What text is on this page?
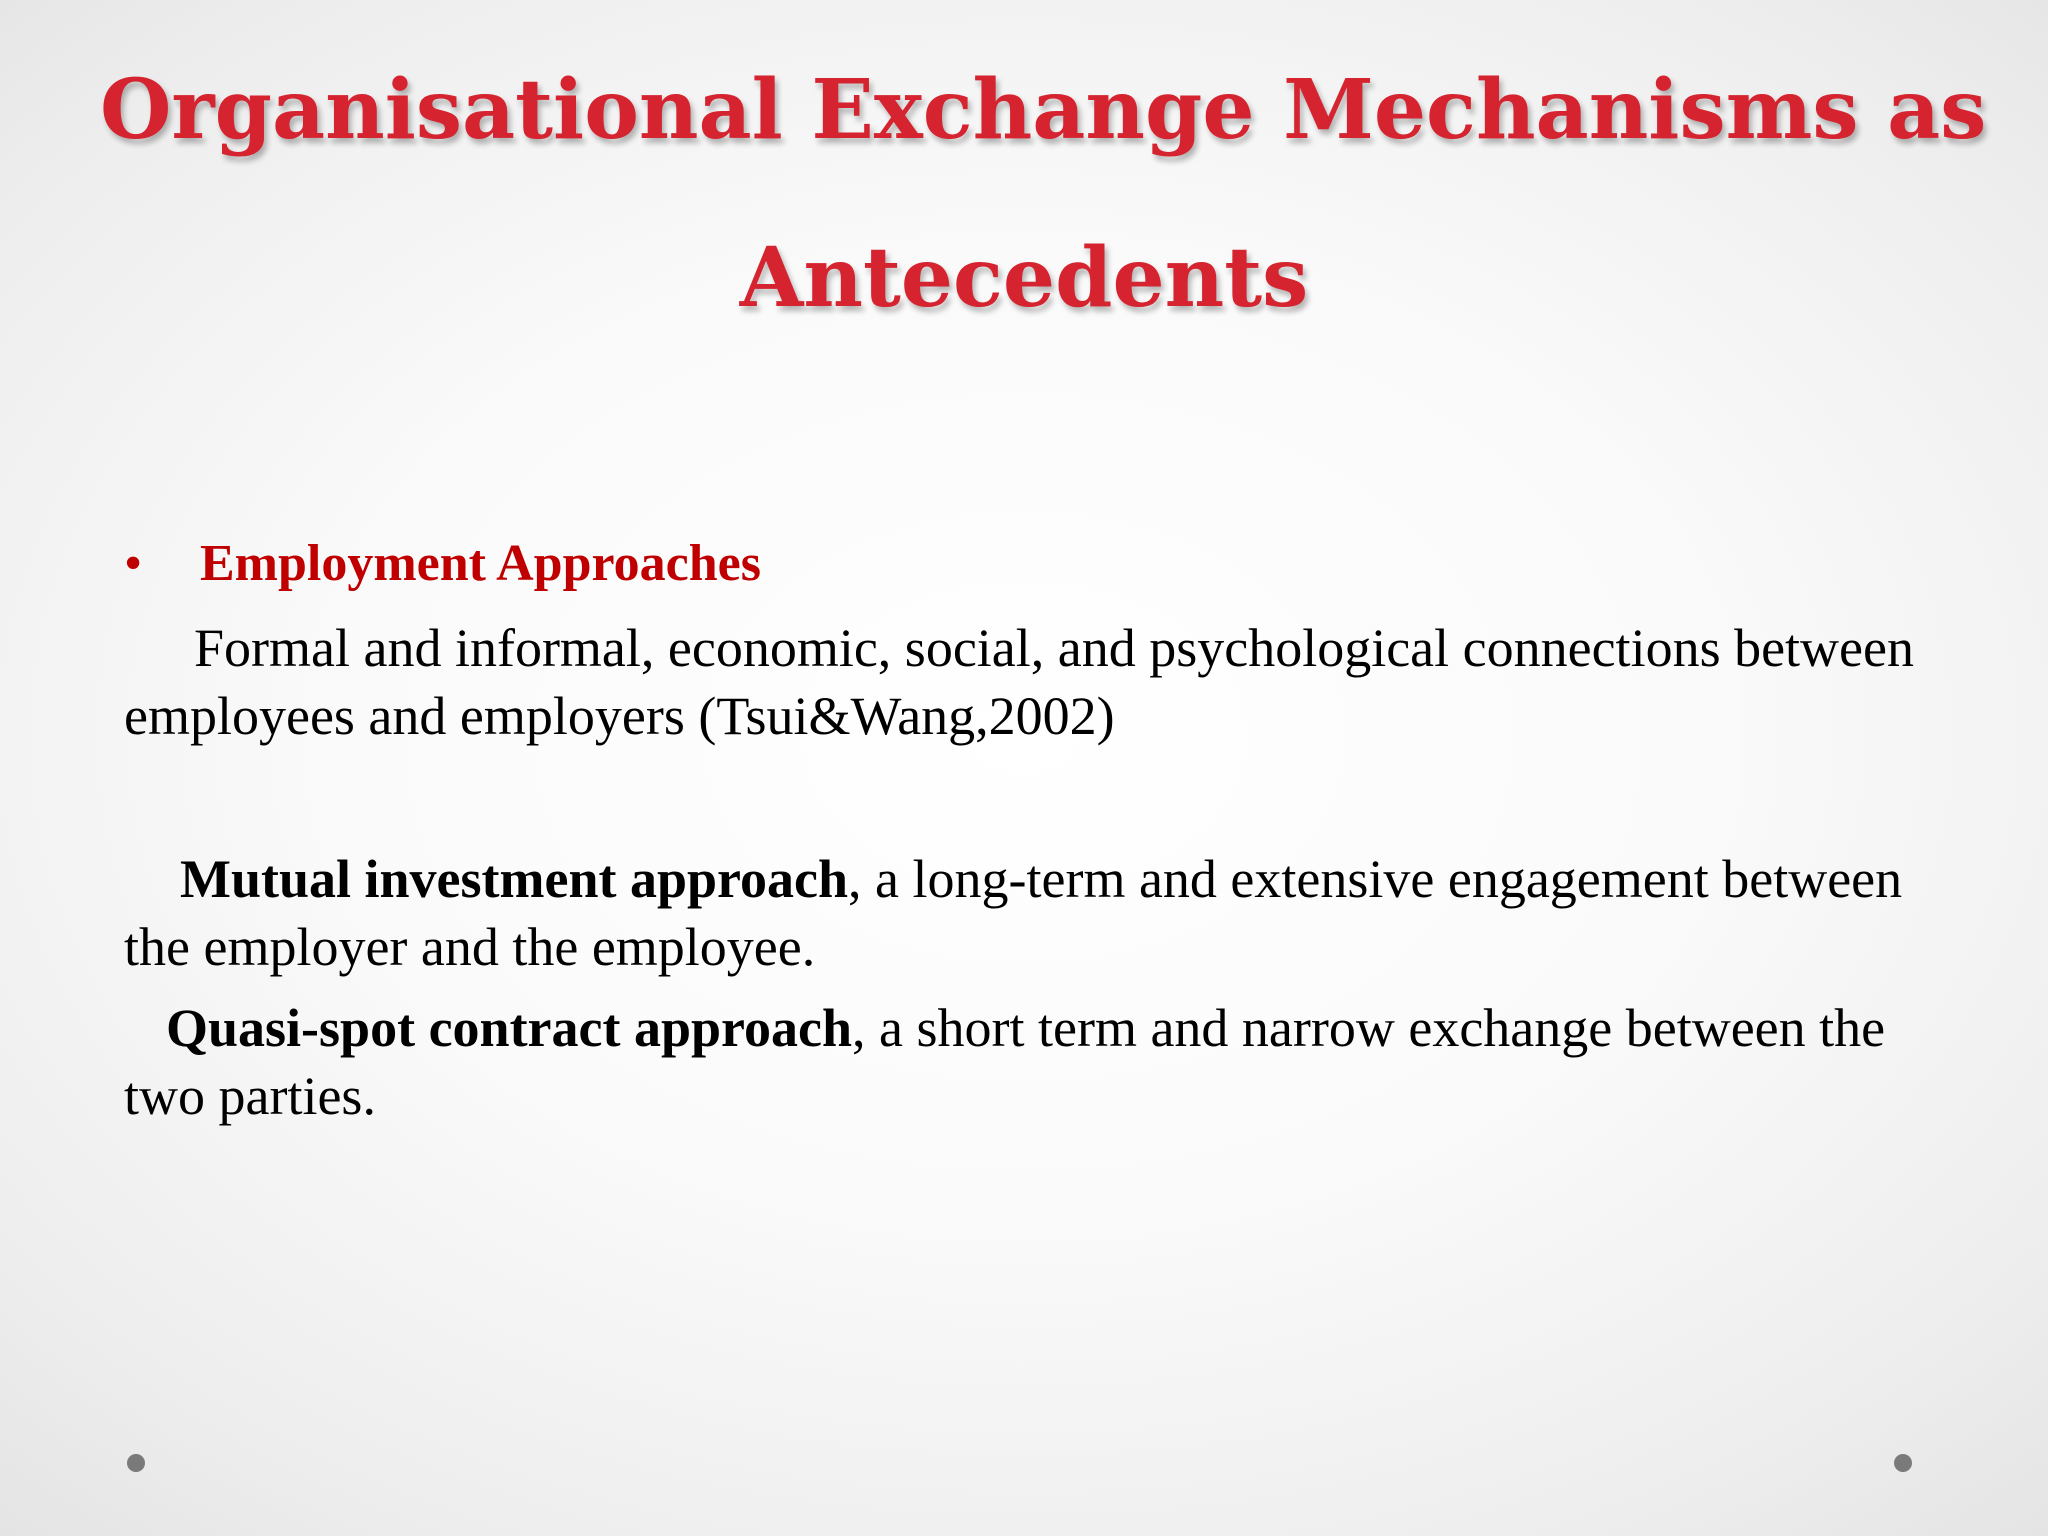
Organisational Exchange Mechanisms as
Antecedents
• Employment Approaches
Formal and informal, economic, social, and psychological connections between employees and employers (Tsui&Wang,2002)
Mutual investment approach, a long-term and extensive engagement between the employer and the employee.
Quasi-spot contract approach, a short term and narrow exchange between the two parties.
